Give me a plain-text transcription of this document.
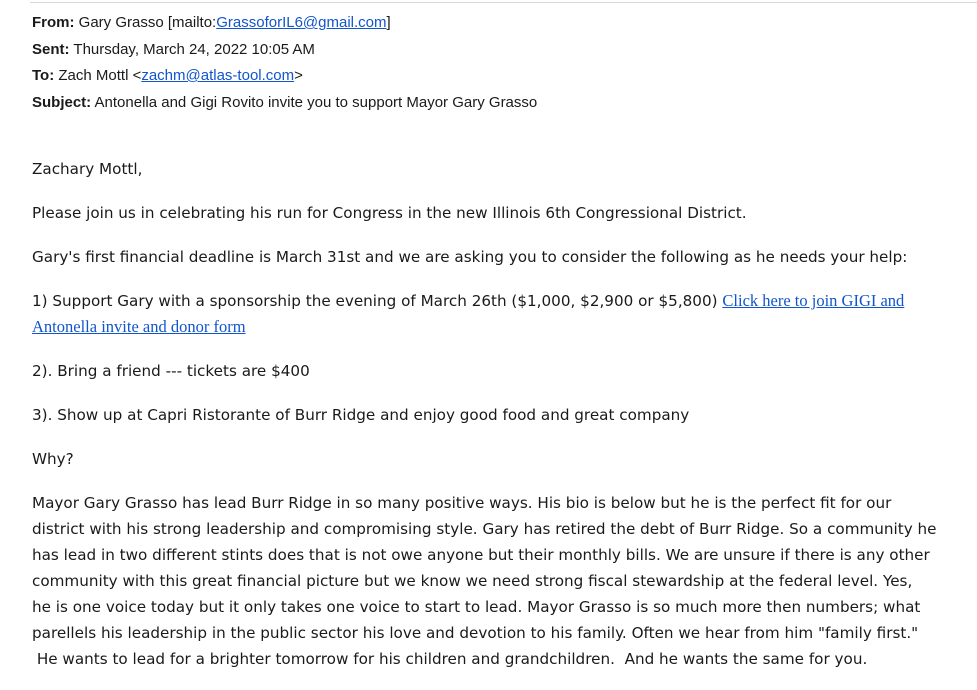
From: Gary Grasso [mailto:GrassoforIL6@gmail.com]
Sent: Thursday, March 24, 2022 10:05 AM
To: Zach Mottl <zachm@atlas-tool.com>
Subject: Antonella and Gigi Rovito invite you to support Mayor Gary Grasso

Zachary Mottl,

Please join us in celebrating his run for Congress in the new Illinois 6th Congressional District.

Gary's first financial deadline is March 31st and we are asking you to consider the following as he needs your help:

1) Support Gary with a sponsorship the evening of March 26th ($1,000, $2,900 or $5,800) Click here to join GIGI and
Antonella invite and donor form

2). Bring a friend --- tickets are $400

3). Show up at Capri Ristorante of Burr Ridge and enjoy good food and great company

Why?

Mayor Gary Grasso has lead Burr Ridge in so many positive ways. His bio is below but he is the perfect fit for our
district with his strong leadership and compromising style. Gary has retired the debt of Burr Ridge. So a community he
has lead in two different stints does that is not owe anyone but their monthly bills. We are unsure if there is any other
community with this great financial picture but we know we need strong fiscal stewardship at the federal level. Yes,
he is one voice today but it only takes one voice to start to lead. Mayor Grasso is so much more then numbers; what
parellels his leadership in the public sector his love and devotion to his family. Often we hear from him "family first."
He wants to lead for a brighter tomorrow for his children and grandchildren.  And he wants the same for you.
